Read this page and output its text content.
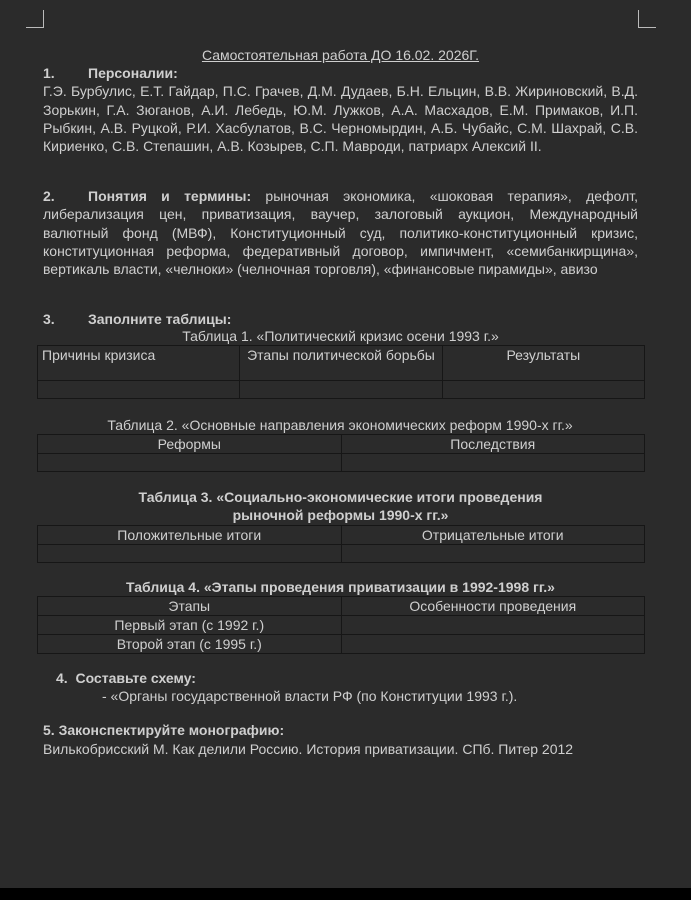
Самостоятельная работа ДО 16.02. 2026Г.
1. Персоналии:
Г.Э. Бурбулис, Е.Т. Гайдар, П.С. Грачев, Д.М. Дудаев, Б.Н. Ельцин, В.В. Жириновский, В.Д. Зорькин, Г.А. Зюганов, А.И. Лебедь, Ю.М. Лужков, А.А. Масхадов, Е.М. Примаков, И.П. Рыбкин, А.В. Руцкой, Р.И. Хасбулатов, В.С. Черномырдин, А.Б. Чубайс, С.М. Шахрай, С.В. Кириенко, С.В. Степашин, А.В. Козырев, С.П. Мавроди, патриарх Алексий II.
2. Понятия и термины: рыночная экономика, «шоковая терапия», дефолт, либерализация цен, приватизация, ваучер, залоговый аукцион, Международный валютный фонд (МВФ), Конституционный суд, политико-конституционный кризис, конституционная реформа, федеративный договор, импичмент, «семибанкирщина», вертикаль власти, «челноки» (челночная торговля), «финансовые пирамиды», авизо
3. Заполните таблицы:
Таблица 1. «Политический кризис осени 1993 г.»
Причины кризиса	Этапы политической борьбы	Результаты

Таблица 2. «Основные направления экономических реформ 1990-х гг.»
Реформы	Последствия

Таблица 3. «Социально-экономические итоги проведения
рыночной реформы 1990-х гг.»
Положительные итоги	Отрицательные итоги

Таблица 4. «Этапы проведения приватизации в 1992-1998 гг.»
Этапы	Особенности проведения
Первый этап (с 1992 г.)	
Второй этап (с 1995 г.)	
4.  Составьте схему:
- «Органы государственной власти РФ (по Конституции 1993 г.).
5. Законспектируйте монографию:
Вилькобрисский М. Как делили Россию. История приватизации. СПб. Питер 2012
